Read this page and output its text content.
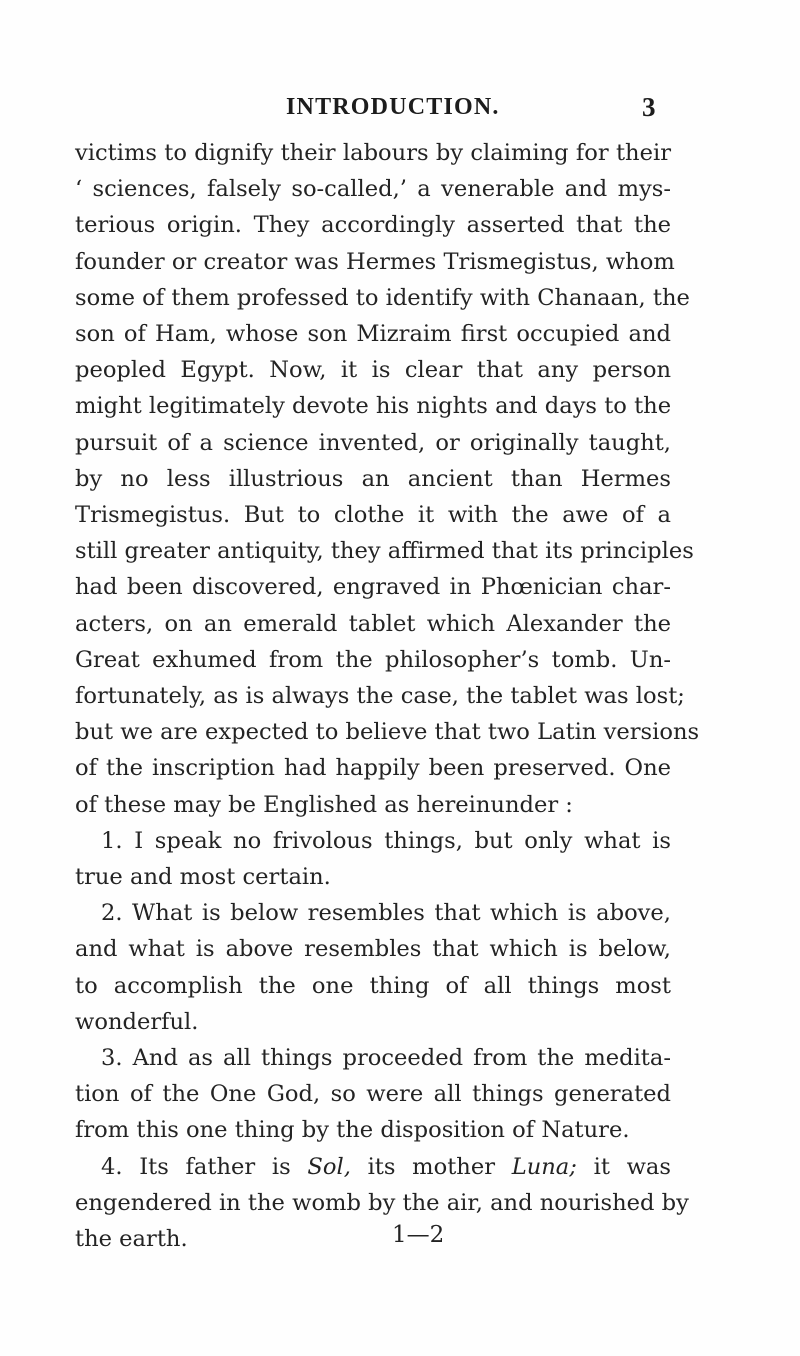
INTRODUCTION.	3

victims to dignify their labours by claiming for their
‘ sciences, falsely so-called,’ a venerable and mys-
terious origin. They accordingly asserted that the
founder or creator was Hermes Trismegistus, whom
some of them professed to identify with Chanaan, the
son of Ham, whose son Mizraim first occupied and
peopled Egypt. Now, it is clear that any person
might legitimately devote his nights and days to the
pursuit of a science invented, or originally taught,
by no less illustrious an ancient than Hermes
Trismegistus. But to clothe it with the awe of a
still greater antiquity, they affirmed that its principles
had been discovered, engraved in Phœnician char-
acters, on an emerald tablet which Alexander the
Great exhumed from the philosopher’s tomb. Un-
fortunately, as is always the case, the tablet was lost;
but we are expected to believe that two Latin versions
of the inscription had happily been preserved. One
of these may be Englished as hereinunder :

1. I speak no frivolous things, but only what is
true and most certain.

2. What is below resembles that which is above,
and what is above resembles that which is below,
to accomplish the one thing of all things most
wonderful.

3. And as all things proceeded from the medita-
tion of the One God, so were all things generated
from this one thing by the disposition of Nature.

4. Its father is Sol, its mother Luna; it was
engendered in the womb by the air, and nourished by
the earth.	1—2
